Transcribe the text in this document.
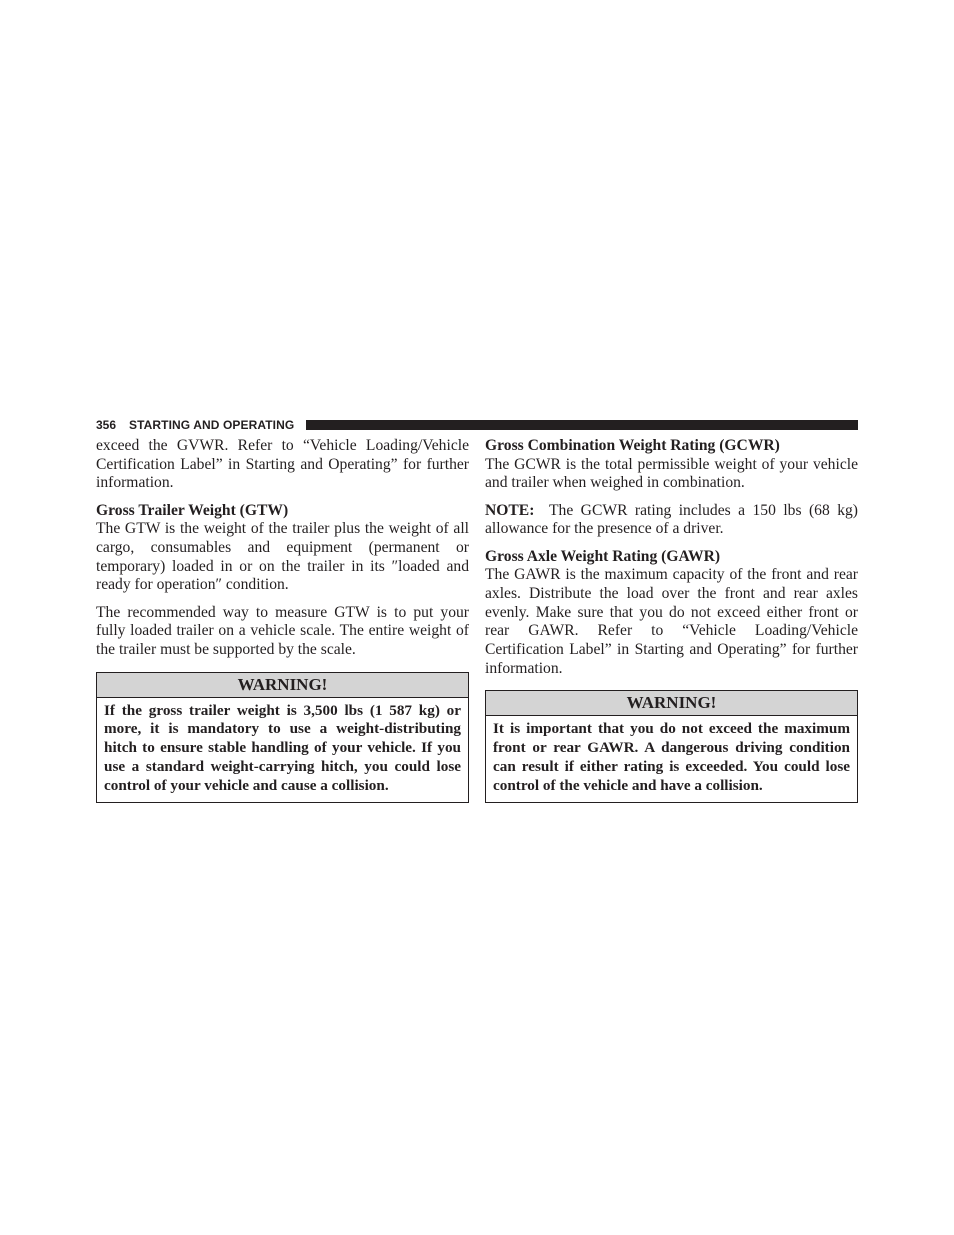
356 STARTING AND OPERATING

exceed the GVWR. Refer to “Vehicle Loading/Vehicle Certification Label” in Starting and Operating” for further information.

Gross Trailer Weight (GTW)

The GTW is the weight of the trailer plus the weight of all cargo, consumables and equipment (permanent or temporary) loaded in or on the trailer in its ″loaded and ready for operation″ condition.

The recommended way to measure GTW is to put your fully loaded trailer on a vehicle scale. The entire weight of the trailer must be supported by the scale.

WARNING!
If the gross trailer weight is 3,500 lbs (1 587 kg) or more, it is mandatory to use a weight-distributing hitch to ensure stable handling of your vehicle. If you use a standard weight-carrying hitch, you could lose control of your vehicle and cause a collision.
Gross Combination Weight Rating (GCWR)

The GCWR is the total permissible weight of your vehicle and trailer when weighed in combination.

NOTE: The GCWR rating includes a 150 lbs (68 kg) allowance for the presence of a driver.

Gross Axle Weight Rating (GAWR)

The GAWR is the maximum capacity of the front and rear axles. Distribute the load over the front and rear axles evenly. Make sure that you do not exceed either front or rear GAWR. Refer to “Vehicle Loading/Vehicle Certification Label” in Starting and Operating” for further information.

WARNING!
It is important that you do not exceed the maximum front or rear GAWR. A dangerous driving condition can result if either rating is exceeded. You could lose control of the vehicle and have a collision.
